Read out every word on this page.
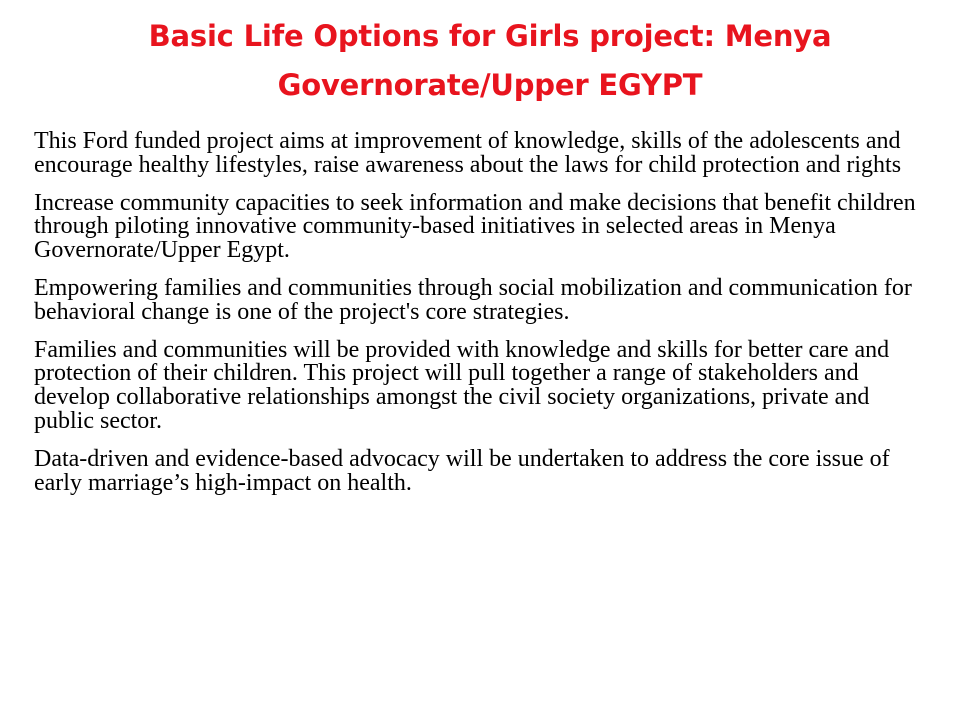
Basic Life Options for Girls project: Menya Governorate/Upper EGYPT
This Ford funded project aims at improvement of knowledge, skills of the adolescents and encourage healthy lifestyles, raise awareness about the laws for child protection and rights
Increase community capacities to seek information and make decisions that benefit children through piloting innovative community-based initiatives in selected areas in Menya Governorate/Upper Egypt.
Empowering families and communities through social mobilization and communication for behavioral change is one of the project's core strategies.
Families and communities will be provided with knowledge and skills for better care and protection of their children. This project will pull together a range of stakeholders and develop collaborative relationships amongst the civil society organizations, private and public sector.
Data-driven and evidence-based advocacy will be undertaken to address the core issue of early marriage’s high-impact on health.
